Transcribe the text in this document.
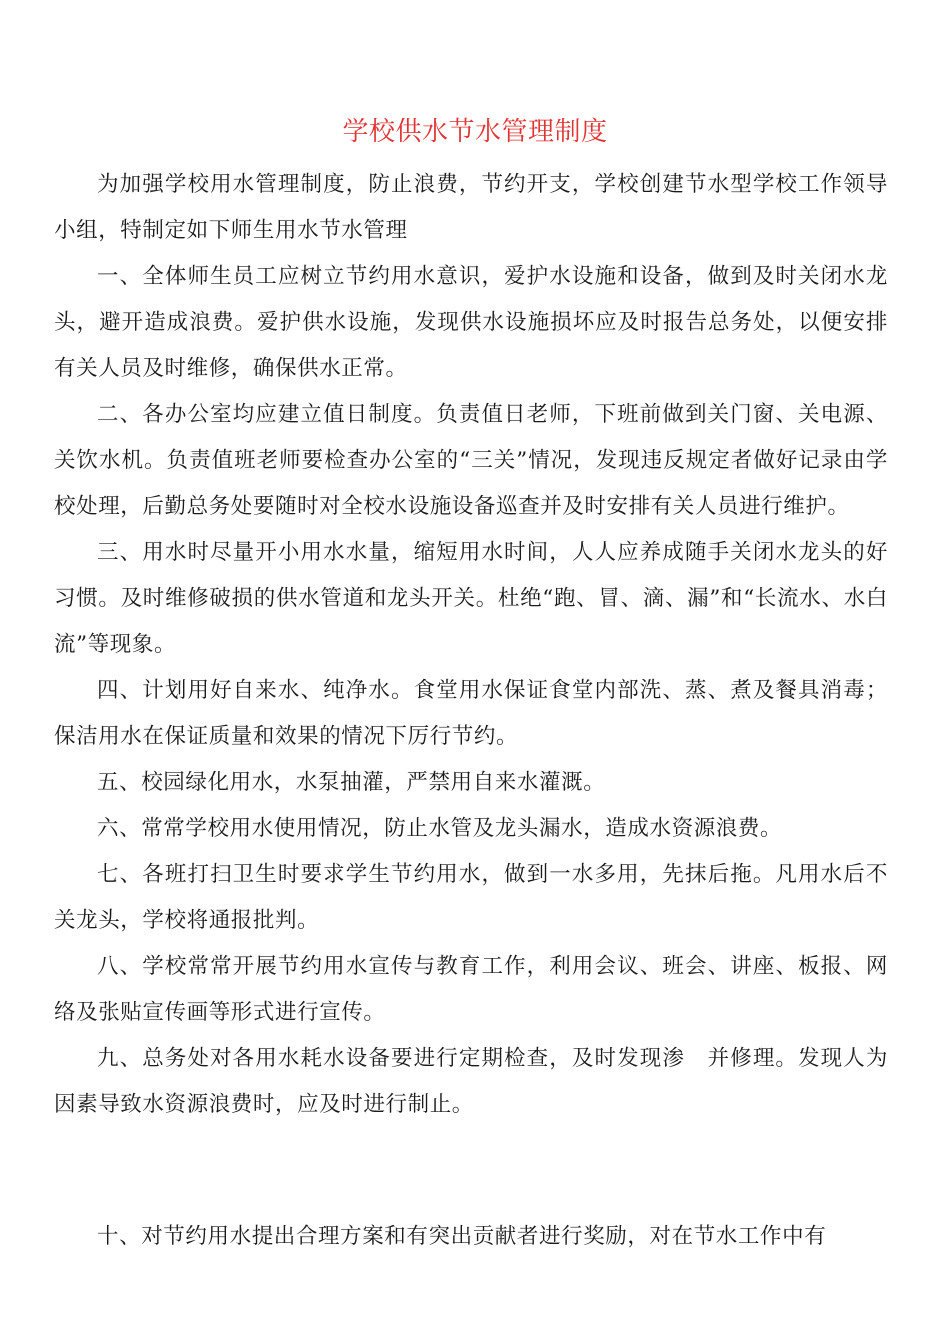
学校供水节水管理制度

为加强学校用水管理制度，防止浪费，节约开支，学校创建节水型学校工作领导小组，特制定如下师生用水节水管理

一、全体师生员工应树立节约用水意识，爱护水设施和设备，做到及时关闭水龙头，避开造成浪费。爱护供水设施，发现供水设施损坏应及时报告总务处，以便安排有关人员及时维修，确保供水正常。

二、各办公室均应建立值日制度。负责值日老师，下班前做到关门窗、关电源、关饮水机。负责值班老师要检查办公室的“三关”情况，发现违反规定者做好记录由学校处理，后勤总务处要随时对全校水设施设备巡查并及时安排有关人员进行维护。

三、用水时尽量开小用水水量，缩短用水时间，人人应养成随手关闭水龙头的好习惯。及时维修破损的供水管道和龙头开关。杜绝“跑、冒、滴、漏”和“长流水、水白流”等现象。

四、计划用好自来水、纯净水。食堂用水保证食堂内部洗、蒸、煮及餐具消毒；保洁用水在保证质量和效果的情况下厉行节约。

五、校园绿化用水，水泵抽灌，严禁用自来水灌溉。

六、常常学校用水使用情况，防止水管及龙头漏水，造成水资源浪费。

七、各班打扫卫生时要求学生节约用水，做到一水多用，先抹后拖。凡用水后不关龙头，学校将通报批判。

八、学校常常开展节约用水宣传与教育工作，利用会议、班会、讲座、板报、网络及张贴宣传画等形式进行宣传。

九、总务处对各用水耗水设备要进行定期检查，及时发现渗　并修理。发现人为因素导致水资源浪费时，应及时进行制止。

十、对节约用水提出合理方案和有突出贡献者进行奖励，对在节水工作中有
